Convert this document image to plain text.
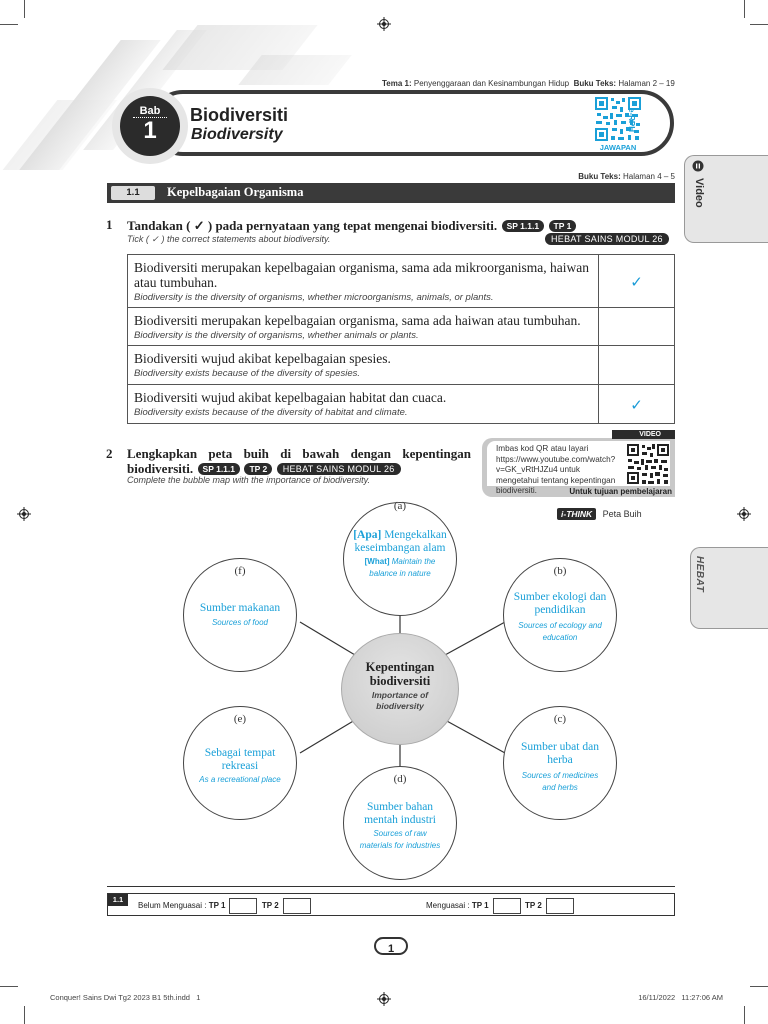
Tema 1: Penyenggaraan dan Kesinambungan Hidup Buku Teks: Halaman 2 – 19
Bab
1
Biodiversiti
Biodiversity
e-RPH
JAWAPAN
Video
HEBAT
Buku Teks: Halaman 4 – 5
1.1	Kepelbagaian Organisma
1 Tandakan ( ✓ ) pada pernyataan yang tepat mengenai biodiversiti. SP 1.1.1 TP 1
Tick ( ✓ ) the correct statements about biodiversity.	HEBAT SAINS MODUL 26
Biodiversiti merupakan kepelbagaian organisma, sama ada mikroorganisma, haiwan atau tumbuhan.
Biodiversity is the diversity of organisms, whether microorganisms, animals, or plants.	✓

Biodiversiti merupakan kepelbagaian organisma, sama ada haiwan atau tumbuhan.
Biodiversity is the diversity of organisms, whether animals or plants.	

Biodiversiti wujud akibat kepelbagaian spesies.
Biodiversity exists because of the diversity of spesies.	

Biodiversiti wujud akibat kepelbagaian habitat dan cuaca.
Biodiversity exists because of the diversity of habitat and climate.	✓
2 Lengkapkan peta buih di bawah dengan kepentingan
biodiversiti. SP 1.1.1 TP 2 HEBAT SAINS MODUL 26
Complete the bubble map with the importance of biodiversity.
VIDEO
Imbas kod QR atau layari https://www.youtube.com/watch?v=GK_vRtHJZu4 untuk mengetahui tentang kepentingan biodiversiti.	Untuk tujuan pembelajaran
i-THINK Peta Buih
Kepentingan biodiversiti
Importance of biodiversity
(a)
[Apa] Mengekalkan keseimbangan alam
[What] Maintain the balance in nature	(b)
Sumber ekologi dan pendidikan
Sources of ecology and education
(c)
Sumber ubat dan herba
Sources of medicines and herbs
(d)
Sumber bahan mentah industri
Sources of raw materials for industries
(e)
Sebagai tempat rekreasi
As a recreational place
(f)
Sumber makanan
Sources of food
1.1
Belum Menguasai : TP 1	TP 2	Menguasai : TP 1	TP 2
1
Conquer! Sains Dwi Tg2 2023 B1 5th.indd   1	16/11/2022   11:27:06 AM
